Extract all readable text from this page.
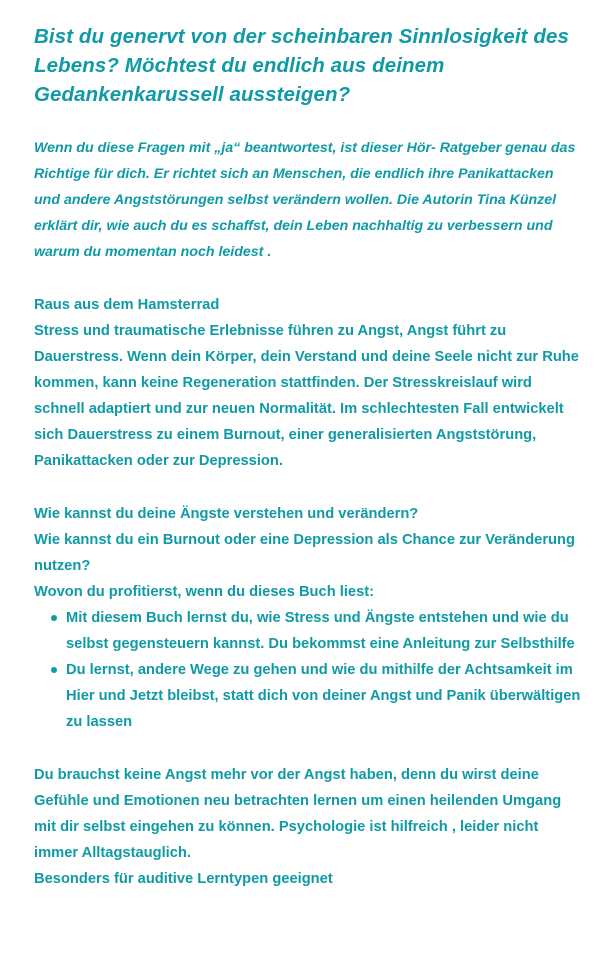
Bist du genervt von der scheinbaren Sinnlosigkeit des Lebens? Möchtest du endlich aus deinem Gedankenkarussell aussteigen?

Wenn du diese Fragen mit „ja“ beantwortest, ist dieser Hör- Ratgeber genau das Richtige für dich. Er richtet sich an Menschen, die endlich ihre Panikattacken und andere Angststörungen selbst verändern wollen. Die Autorin Tina Künzel erklärt dir, wie auch du es schaffst, dein Leben nachhaltig zu verbessern und warum du momentan noch leidest .

Raus aus dem Hamsterrad

Stress und traumatische Erlebnisse führen zu Angst, Angst führt zu Dauerstress. Wenn dein Körper, dein Verstand und deine Seele nicht zur Ruhe kommen, kann keine Regeneration stattfinden. Der Stresskreislauf wird schnell adaptiert und zur neuen Normalität. Im schlechtesten Fall entwickelt sich Dauerstress zu einem Burnout, einer generalisierten Angststörung, Panikattacken oder zur Depression.

Wie kannst du deine Ängste verstehen und verändern?

Wie kannst du ein Burnout oder eine Depression als Chance zur Veränderung nutzen?

Wovon du profitierst, wenn du dieses Buch liest:

Mit diesem Buch lernst du, wie Stress und Ängste entstehen und wie du selbst gegensteuern kannst. Du bekommst eine Anleitung zur Selbsthilfe
Du lernst, andere Wege zu gehen und wie du mithilfe der Achtsamkeit im Hier und Jetzt bleibst, statt dich von deiner Angst und Panik überwältigen zu lassen

Du brauchst keine Angst mehr vor der Angst haben, denn du wirst deine Gefühle und Emotionen neu betrachten lernen um einen heilenden Umgang mit dir selbst eingehen zu können. Psychologie ist hilfreich , leider nicht immer Alltagstauglich.

Besonders für auditive Lerntypen geeignet
